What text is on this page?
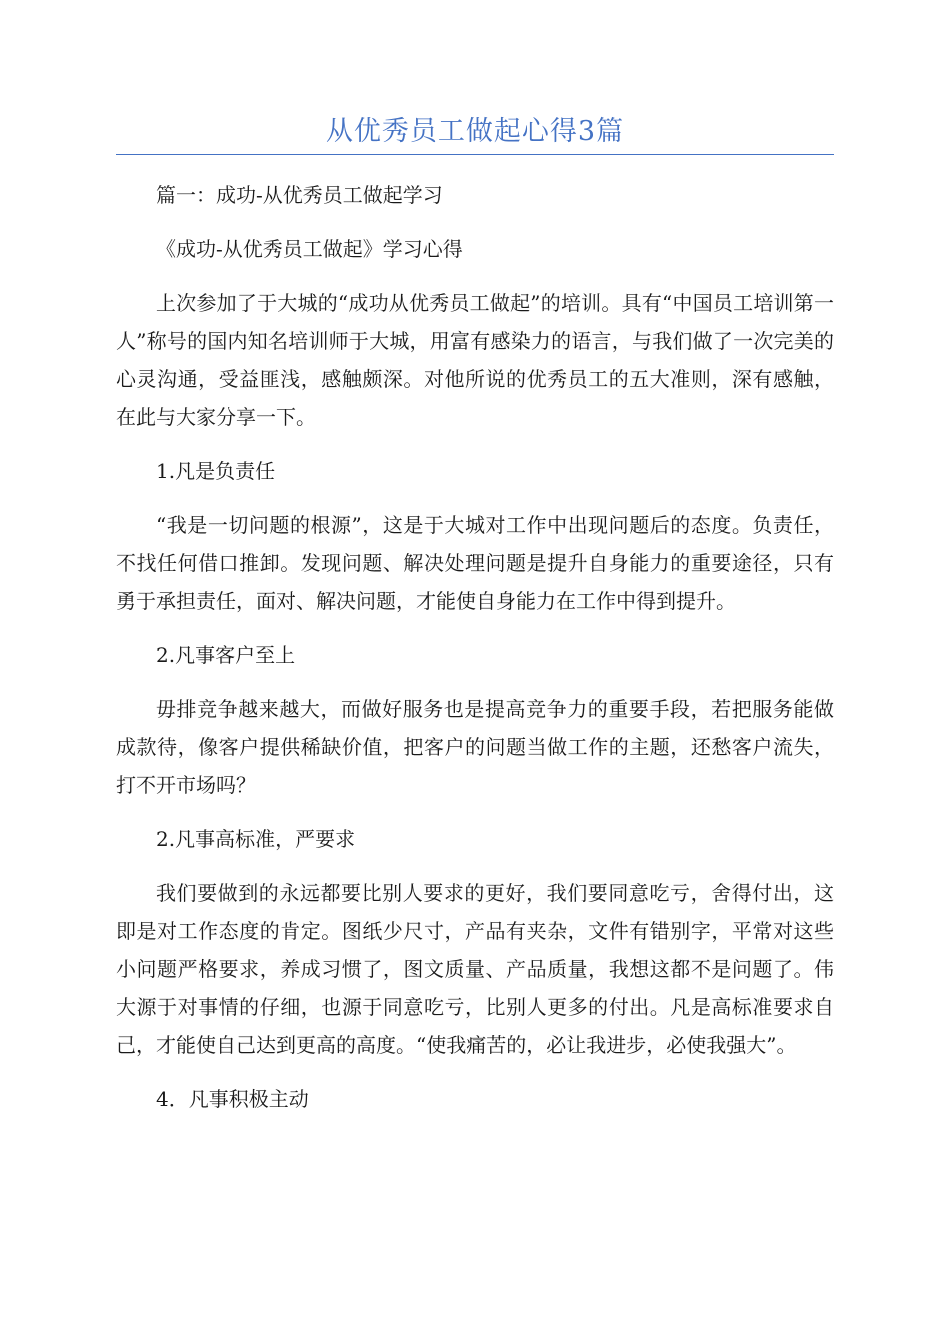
从优秀员工做起心得3篇

篇一：成功-从优秀员工做起学习

《成功-从优秀员工做起》学习心得

上次参加了于大城的“成功从优秀员工做起”的培训。具有“中国员工培训第一人”称号的国内知名培训师于大城，用富有感染力的语言，与我们做了一次完美的心灵沟通，受益匪浅，感触颇深。对他所说的优秀员工的五大准则，深有感触，在此与大家分享一下。

1.凡是负责任

“我是一切问题的根源”，这是于大城对工作中出现问题后的态度。负责任，不找任何借口推卸。发现问题、解决处理问题是提升自身能力的重要途径，只有勇于承担责任，面对、解决问题，才能使自身能力在工作中得到提升。

2.凡事客户至上

毋排竞争越来越大，而做好服务也是提高竞争力的重要手段，若把服务能做成款待，像客户提供稀缺价值，把客户的问题当做工作的主题，还愁客户流失，打不开市场吗？

2.凡事高标准，严要求

我们要做到的永远都要比别人要求的更好，我们要同意吃亏，舍得付出，这即是对工作态度的肯定。图纸少尺寸，产品有夹杂，文件有错别字，平常对这些小问题严格要求，养成习惯了，图文质量、产品质量，我想这都不是问题了。伟大源于对事情的仔细，也源于同意吃亏，比别人更多的付出。凡是高标准要求自己，才能使自己达到更高的高度。“使我痛苦的，必让我进步，必使我强大”。

4．凡事积极主动
